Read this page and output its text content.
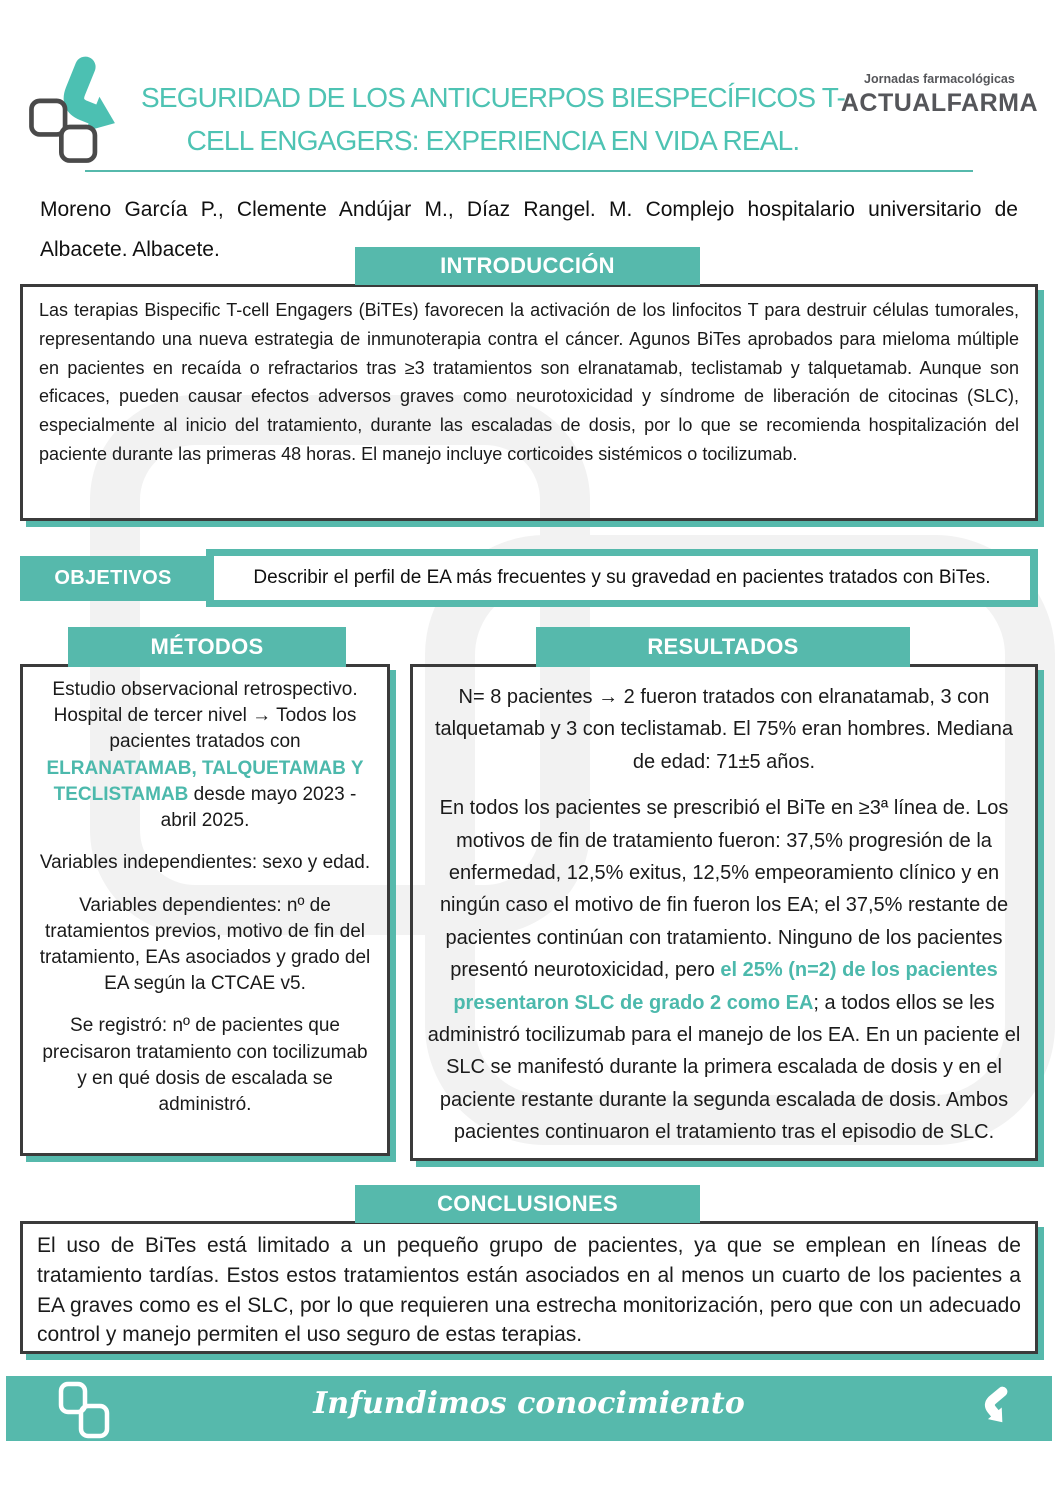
SEGURIDAD DE LOS ANTICUERPOS BIESPECÍFICOS T-CELL ENGAGERS: EXPERIENCIA EN VIDA REAL.
Jornadas farmacológicas
ACTUALFARMA
Moreno García P., Clemente Andújar M., Díaz Rangel. M. Complejo hospitalario universitario de Albacete. Albacete.
INTRODUCCIÓN
Las terapias Bispecific T-cell Engagers (BiTEs) favorecen la activación de los linfocitos T para destruir células tumorales, representando una nueva estrategia de inmunoterapia contra el cáncer. Agunos BiTes aprobados para mieloma múltiple en pacientes en recaída o refractarios tras ≥3 tratamientos son elranatamab, teclistamab y talquetamab. Aunque son eficaces, pueden causar efectos adversos graves como neurotoxicidad y síndrome de liberación de citocinas (SLC), especialmente al inicio del tratamiento, durante las escaladas de dosis, por lo que se recomienda hospitalización del paciente durante las primeras 48 horas. El manejo incluye corticoides sistémicos o tocilizumab.
OBJETIVOS	Describir el perfil de EA más frecuentes y su gravedad en pacientes tratados con BiTes.
MÉTODOS

Estudio observacional retrospectivo. Hospital de tercer nivel → Todos los pacientes tratados con ELRANATAMAB, TALQUETAMAB Y TECLISTAMAB desde mayo 2023 - abril 2025.

Variables independientes: sexo y edad.

Variables dependientes: nº de tratamientos previos, motivo de fin del tratamiento, EAs asociados y grado del EA según la CTCAE v5.

Se registró: nº de pacientes que precisaron tratamiento con tocilizumab y en qué dosis de escalada se administró.

RESULTADOS

N= 8 pacientes → 2 fueron tratados con elranatamab, 3 con talquetamab y 3 con teclistamab. El 75% eran hombres. Mediana de edad: 71±5 años.

En todos los pacientes se prescribió el BiTe en ≥3ª línea de. Los motivos de fin de tratamiento fueron: 37,5% progresión de la enfermedad, 12,5% exitus, 12,5% empeoramiento clínico y en ningún caso el motivo de fin fueron los EA; el 37,5% restante de pacientes continúan con tratamiento. Ninguno de los pacientes presentó neurotoxicidad, pero el 25% (n=2) de los pacientes presentaron SLC de grado 2 como EA; a todos ellos se les administró tocilizumab para el manejo de los EA. En un paciente el SLC se manifestó durante la primera escalada de dosis y en el paciente restante durante la segunda escalada de dosis. Ambos pacientes continuaron el tratamiento tras el episodio de SLC.

CONCLUSIONES
El uso de BiTes está limitado a un pequeño grupo de pacientes, ya que se emplean en líneas de tratamiento tardías. Estos estos tratamientos están asociados en al menos un cuarto de los pacientes a EA graves como es el SLC, por lo que requieren una estrecha monitorización, pero que con un adecuado control y manejo permiten el uso seguro de estas terapias.
Infundimos conocimiento
